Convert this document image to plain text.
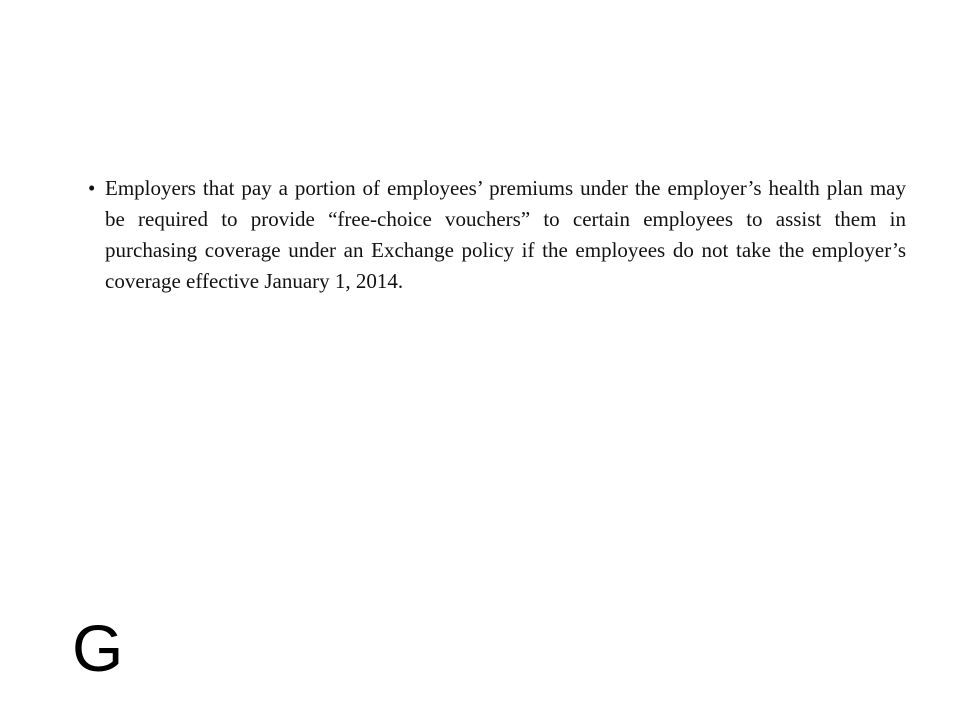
• Employers that pay a portion of employees’ premiums under the employer’s health plan may be required to provide “free-choice vouchers” to certain employees to assist them in purchasing coverage under an Exchange policy if the employees do not take the employer’s coverage effective January 1, 2014.
G
